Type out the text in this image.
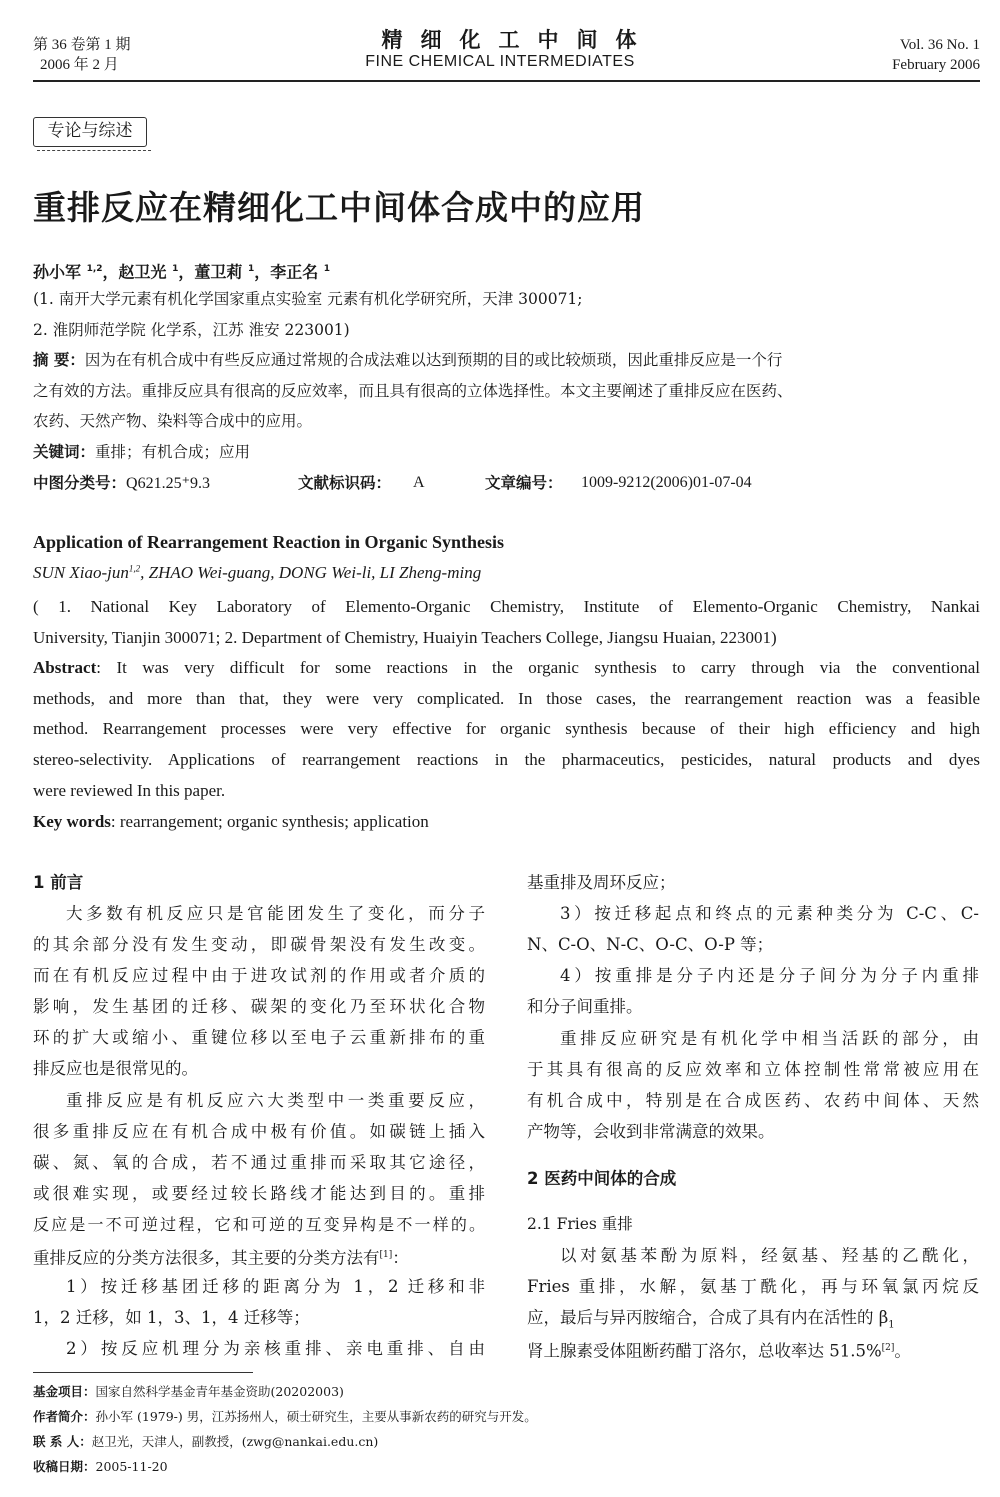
第 36 卷第 1 期
2006 年 2 月
精细化工中间体
FINE CHEMICAL INTERMEDIATES
Vol. 36 No. 1
February 2006
专论与综述
重排反应在精细化工中间体合成中的应用
孙小军 $^{1,2}$，赵卫光 $^1$，董卫莉 $^1$，李正名 $^1$
(1. 南开大学元素有机化学国家重点实验室 元素有机化学研究所，天津 300071;
2. 淮阴师范学院 化学系，江苏 淮安 223001)
摘 要：因为在有机合成中有些反应通过常规的合成法难以达到预期的目的或比较烦琐，因此重排反应是一个行
之有效的方法。重排反应具有很高的反应效率，而且具有很高的立体选择性。本文主要阐述了重排反应在医药、
农药、天然产物、染料等合成中的应用。
关键词：重排；有机合成；应用
中图分类号：Q621.25⁺9.3	文献标识码： A	文章编号： 1009-9212(2006)01-07-04
Application of Rearrangement Reaction in Organic Synthesis
SUN Xiao-jun$^{1,2}$, ZHAO Wei-guang, DONG Wei-li, LI Zheng-ming
( 1. National Key Laboratory of Elemento-Organic Chemistry, Institute of Elemento-Organic Chemistry, Nankai
University, Tianjin 300071; 2. Department of Chemistry, Huaiyin Teachers College, Jiangsu Huaian, 223001)
Abstract: It was very difficult for some reactions in the organic synthesis to carry through via the conventional
methods, and more than that, they were very complicated. In those cases, the rearrangement reaction was a feasible
method. Rearrangement processes were very effective for organic synthesis because of their high efficiency and high
stereo-selectivity. Applications of rearrangement reactions in the pharmaceutics, pesticides, natural products and dyes
were reviewed In this paper.
Key words: rearrangement; organic synthesis; application
1 前言
大多数有机反应只是官能团发生了变化，而分子
的其余部分没有发生变动，即碳骨架没有发生改变。
而在有机反应过程中由于进攻试剂的作用或者介质的
影响，发生基团的迁移、碳架的变化乃至环状化合物
环的扩大或缩小、重键位移以至电子云重新排布的重
排反应也是很常见的。
重排反应是有机反应六大类型中一类重要反应，
很多重排反应在有机合成中极有价值。如碳链上插入
碳、氮、氧的合成，若不通过重排而采取其它途径，
或很难实现，或要经过较长路线才能达到目的。重排
反应是一不可逆过程，它和可逆的互变异构是不一样的。
重排反应的分类方法很多，其主要的分类方法有[1]：
1）按迁移基团迁移的距离分为 1，2 迁移和非
1，2 迁移，如 1，3、1，4 迁移等；
2）按反应机理分为亲核重排、亲电重排、自由
基重排及周环反应；
3）按迁移起点和终点的元素种类分为 C-C、C-
N、C-O、N-C、O-C、O-P 等；
4）按重排是分子内还是分子间分为分子内重排
和分子间重排。
重排反应研究是有机化学中相当活跃的部分，由
于其具有很高的反应效率和立体控制性常常被应用在
有机合成中，特别是在合成医药、农药中间体、天然
产物等，会收到非常满意的效果。
2 医药中间体的合成
2.1 Fries 重排
以对氨基苯酚为原料，经氨基、羟基的乙酰化，
Fries 重排，水解，氨基丁酰化，再与环氧氯丙烷反
应，最后与异丙胺缩合，合成了具有内在活性的 $\beta_1$
肾上腺素受体阻断药醋丁洛尔，总收率达 51.5%[2]。
基金项目：国家自然科学基金青年基金资助(20202003)
作者简介：孙小军 (1979-) 男，江苏扬州人，硕士研究生，主要从事新农药的研究与开发。
联 系 人：赵卫光，天津人，副教授，(zwg@nankai.edu.cn)
收稿日期：2005-11-20
